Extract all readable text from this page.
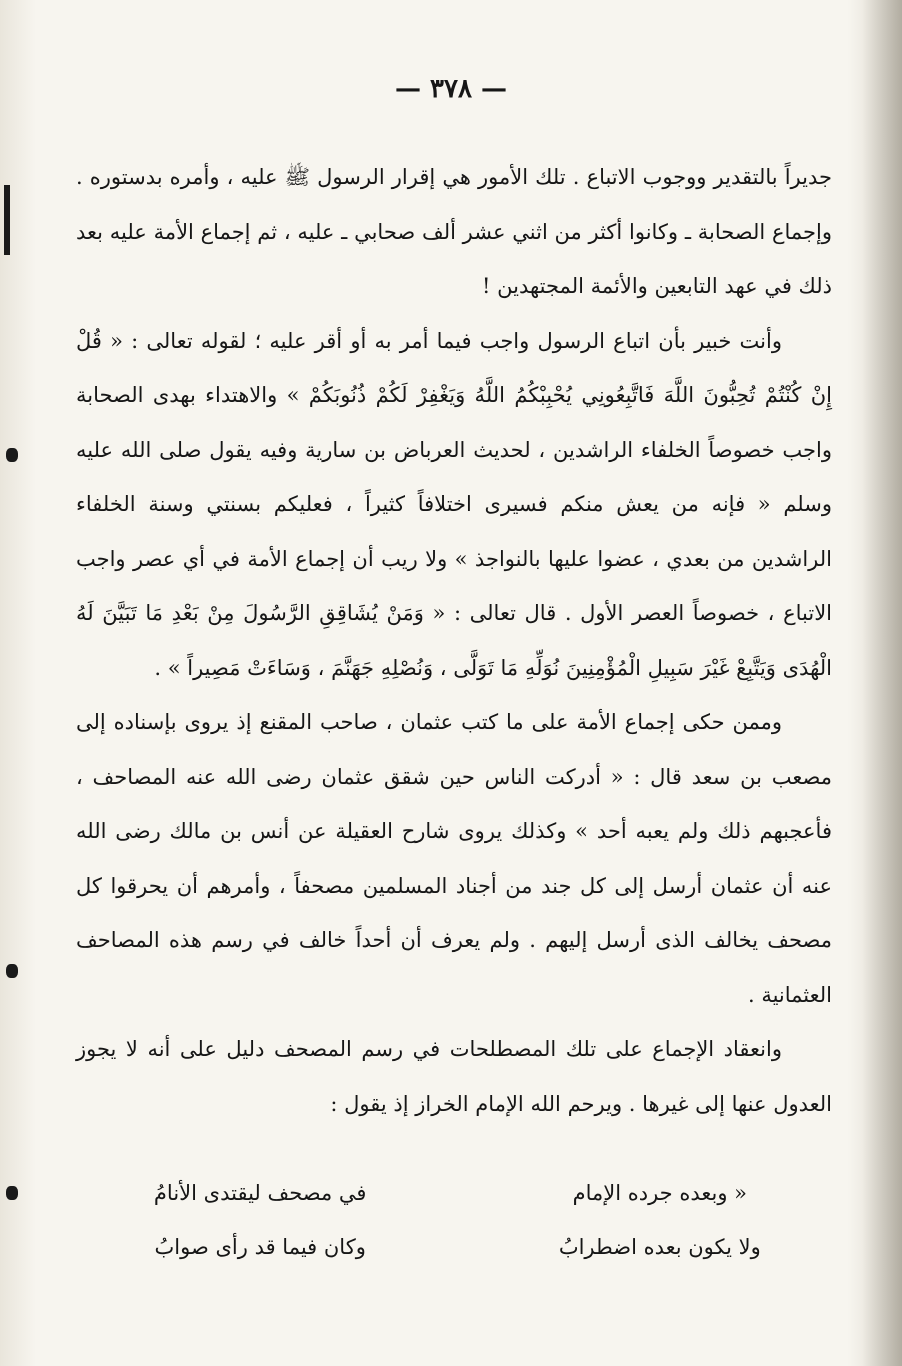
— ٣٧٨ —

جديراً بالتقدير ووجوب الاتباع . تلك الأمور هي إقرار الرسول ﷺ عليه ، وأمره بدستوره . وإجماع الصحابة ـ وكانوا أكثر من اثني عشر ألف صحابي ـ عليه ، ثم إجماع الأمة عليه بعد ذلك في عهد التابعين والأئمة المجتهدين !

وأنت خبير بأن اتباع الرسول واجب فيما أمر به أو أقر عليه ؛ لقوله تعالى : « قُلْ إِنْ كُنْتُمْ تُحِبُّونَ اللَّهَ فَاتَّبِعُونِي يُحْبِبْكُمُ اللَّهُ وَيَغْفِرْ لَكُمْ ذُنُوبَكُمْ » والاهتداء بهدى الصحابة واجب خصوصاً الخلفاء الراشدين ، لحديث العرباض بن سارية وفيه يقول صلى الله عليه وسلم « فإنه من يعش منكم فسيرى اختلافاً كثيراً ، فعليكم بسنتي وسنة الخلفاء الراشدين من بعدي ، عضوا عليها بالنواجذ » ولا ريب أن إجماع الأمة في أي عصر واجب الاتباع ، خصوصاً العصر الأول . قال تعالى : « وَمَنْ يُشَاقِقِ الرَّسُولَ مِنْ بَعْدِ مَا تَبَيَّنَ لَهُ الْهُدَى وَيَتَّبِعْ غَيْرَ سَبِيلِ الْمُؤْمِنِينَ نُوَلِّهِ مَا تَوَلَّى ، وَنُصْلِهِ جَهَنَّمَ ، وَسَاءَتْ مَصِيراً » .

وممن حكى إجماع الأمة على ما كتب عثمان ، صاحب المقنع إذ يروى بإسناده إلى مصعب بن سعد قال : « أدركت الناس حين شقق عثمان رضى الله عنه المصاحف ، فأعجبهم ذلك ولم يعبه أحد » وكذلك يروى شارح العقيلة عن أنس بن مالك رضى الله عنه أن عثمان أرسل إلى كل جند من أجناد المسلمين مصحفاً ، وأمرهم أن يحرقوا كل مصحف يخالف الذى أرسل إليهم . ولم يعرف أن أحداً خالف في رسم هذه المصاحف العثمانية .

وانعقاد الإجماع على تلك المصطلحات في رسم المصحف دليل على أنه لا يجوز العدول عنها إلى غيرها . ويرحم الله الإمام الخراز إذ يقول :

« وبعده جرده الإمام
في مصحف ليقتدى الأنامُ
ولا يكون بعده اضطرابُ
وكان فيما قد رأى صوابُ
